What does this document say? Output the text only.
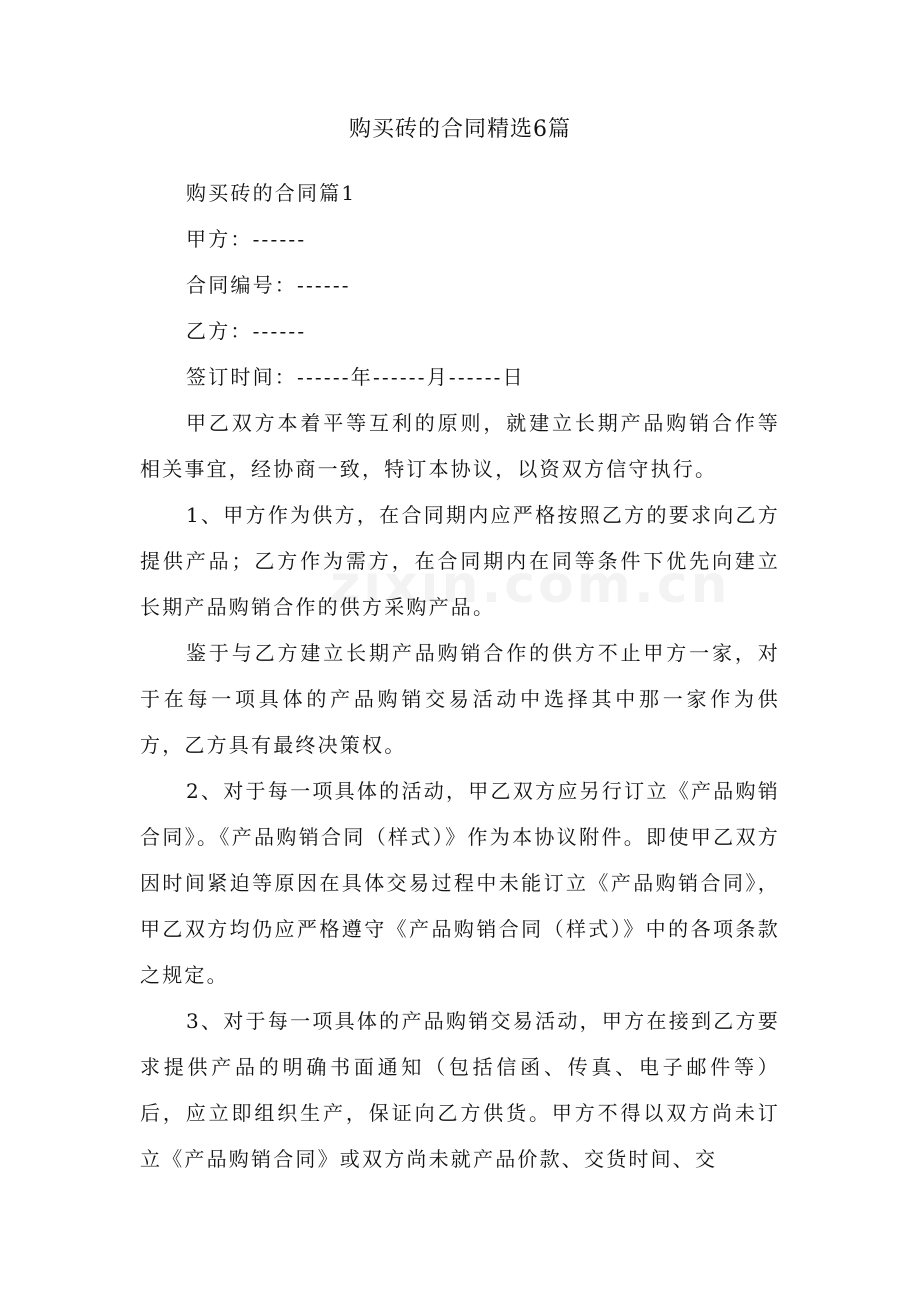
购买砖的合同精选6篇

购买砖的合同篇1

甲方：------

合同编号：------

乙方：------

签订时间：------年------月------日

甲乙双方本着平等互利的原则，就建立长期产品购销合作等相关事宜，经协商一致，特订本协议，以资双方信守执行。

1、甲方作为供方，在合同期内应严格按照乙方的要求向乙方提供产品；乙方作为需方，在合同期内在同等条件下优先向建立长期产品购销合作的供方采购产品。

鉴于与乙方建立长期产品购销合作的供方不止甲方一家，对于在每一项具体的产品购销交易活动中选择其中那一家作为供方，乙方具有最终决策权。

2、对于每一项具体的活动，甲乙双方应另行订立《产品购销合同》。《产品购销合同（样式）》作为本协议附件。即使甲乙双方因时间紧迫等原因在具体交易过程中未能订立《产品购销合同》，甲乙双方均仍应严格遵守《产品购销合同（样式）》中的各项条款之规定。

3、对于每一项具体的产品购销交易活动，甲方在接到乙方要求提供产品的明确书面通知（包括信函、传真、电子邮件等）后，应立即组织生产，保证向乙方供货。甲方不得以双方尚未订立《产品购销合同》或双方尚未就产品价款、交货时间、交
